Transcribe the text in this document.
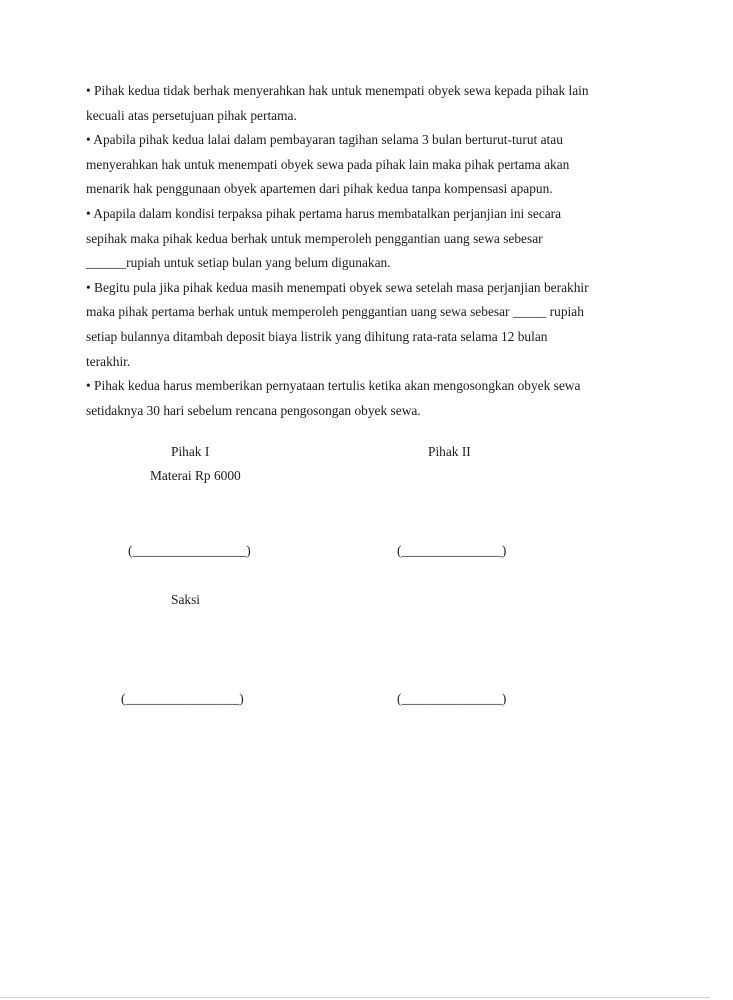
• Pihak kedua tidak berhak menyerahkan hak untuk menempati obyek sewa kepada pihak lain
kecuali atas persetujuan pihak pertama.
• Apabila pihak kedua lalai dalam pembayaran tagihan selama 3 bulan berturut-turut atau
menyerahkan hak untuk menempati obyek sewa pada pihak lain maka pihak pertama akan
menarik hak penggunaan obyek apartemen dari pihak kedua tanpa kompensasi apapun.
• Apapila dalam kondisi terpaksa pihak pertama harus membatalkan perjanjian ini secara
sepihak maka pihak kedua berhak untuk memperoleh penggantian uang sewa sebesar
______rupiah untuk setiap bulan yang belum digunakan.
• Begitu pula jika pihak kedua masih menempati obyek sewa setelah masa perjanjian berakhir
maka pihak pertama berhak untuk memperoleh penggantian uang sewa sebesar _____ rupiah
setiap bulannya ditambah deposit biaya listrik yang dihitung rata-rata selama 12 bulan
terakhir.
• Pihak kedua harus memberikan pernyataan tertulis ketika akan mengosongkan obyek sewa
setidaknya 30 hari sebelum rencana pengosongan obyek sewa.
Pihak I
Materai Rp 6000
Pihak II
(_________________)	(_______________)
Saksi
(_________________)	(_______________)
